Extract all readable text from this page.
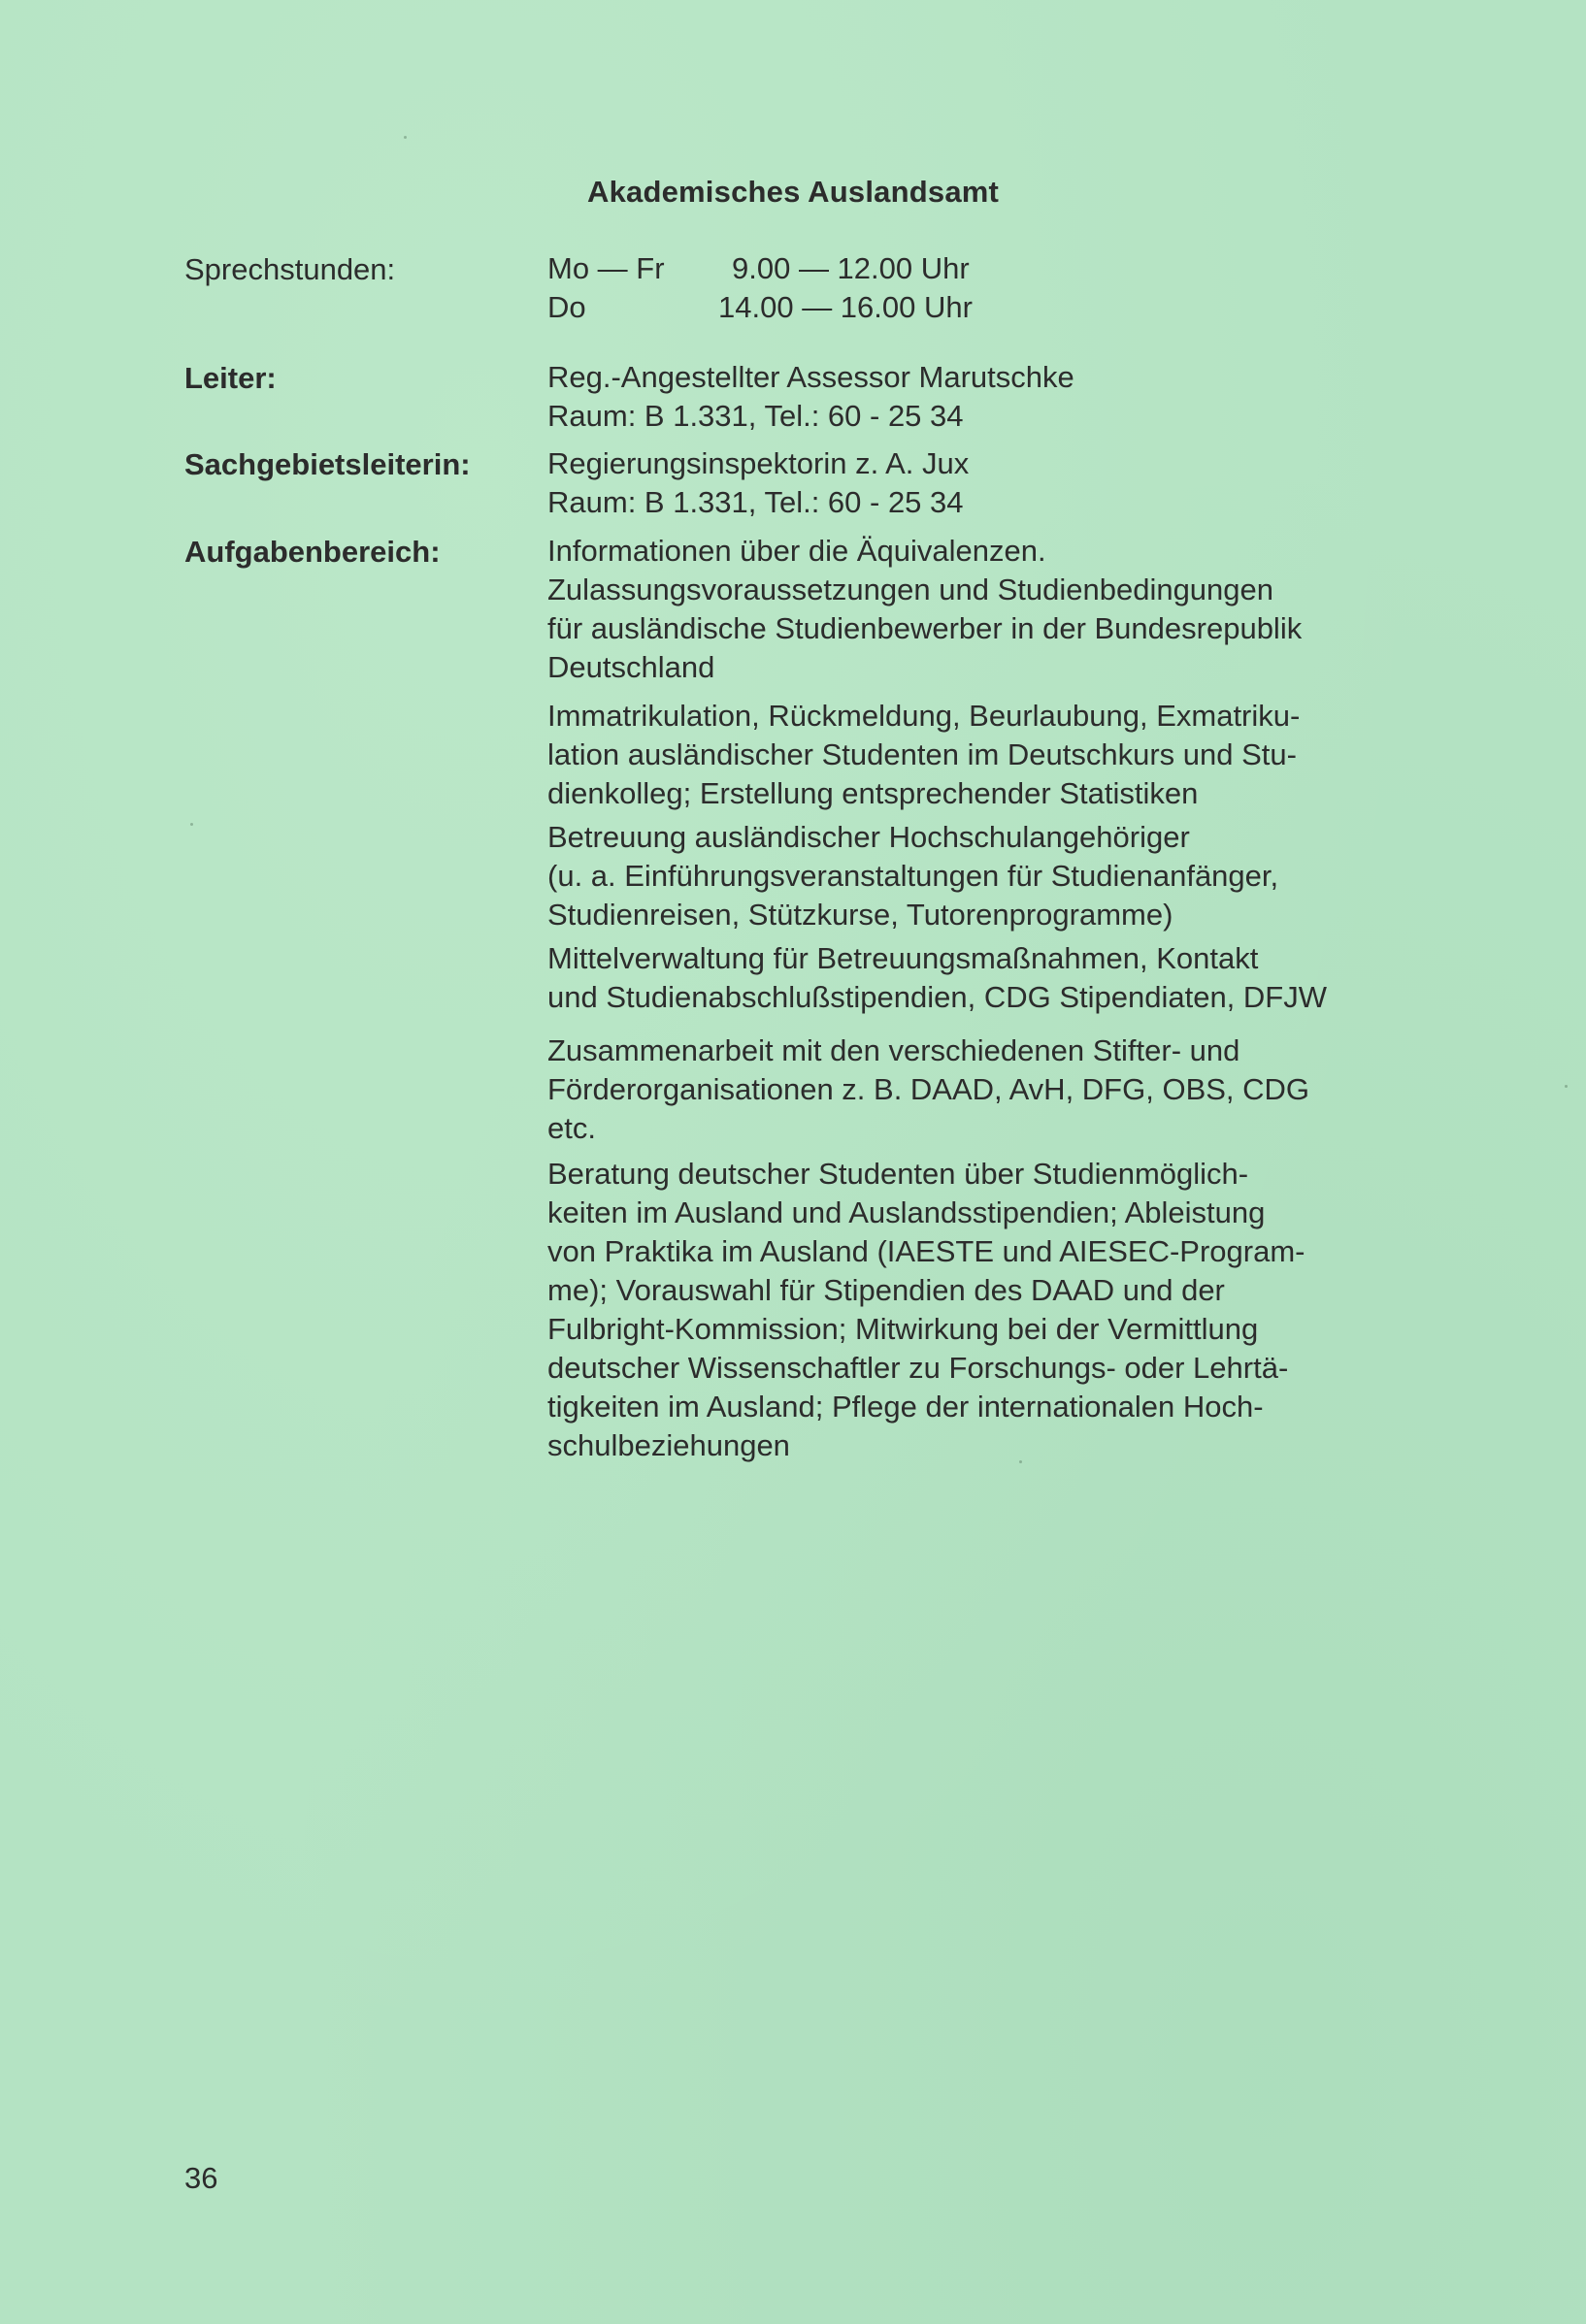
Akademisches Auslandsamt
Sprechstunden:	Mo — Fr 9.00 — 12.00 Uhr
Do	14.00 — 16.00 Uhr
Leiter:	Reg.-Angestellter Assessor Marutschke
Raum: B 1.331, Tel.: 60 - 25 34
Sachgebietsleiterin:	Regierungsinspektorin z. A. Jux
Raum: B 1.331, Tel.: 60 - 25 34
Aufgabenbereich:	Informationen über die Äquivalenzen.
Zulassungsvoraussetzungen und Studienbedingungen
für ausländische Studienbewerber in der Bundesrepublik
Deutschland
Immatrikulation, Rückmeldung, Beurlaubung, Exmatriku-
lation ausländischer Studenten im Deutschkurs und Stu-
dienkolleg; Erstellung entsprechender Statistiken
Betreuung ausländischer Hochschulangehöriger
(u. a. Einführungsveranstaltungen für Studienanfänger,
Studienreisen, Stützkurse, Tutorenprogramme)
Mittelverwaltung für Betreuungsmaßnahmen, Kontakt
und Studienabschlußstipendien, CDG Stipendiaten, DFJW
Zusammenarbeit mit den verschiedenen Stifter- und
Förderorganisationen z. B. DAAD, AvH, DFG, OBS, CDG
etc.
Beratung deutscher Studenten über Studienmöglich-
keiten im Ausland und Auslandsstipendien; Ableistung
von Praktika im Ausland (IAESTE und AIESEC-Program-
me); Vorauswahl für Stipendien des DAAD und der
Fulbright-Kommission; Mitwirkung bei der Vermittlung
deutscher Wissenschaftler zu Forschungs- oder Lehrtä-
tigkeiten im Ausland; Pflege der internationalen Hoch-
schulbeziehungen
36
